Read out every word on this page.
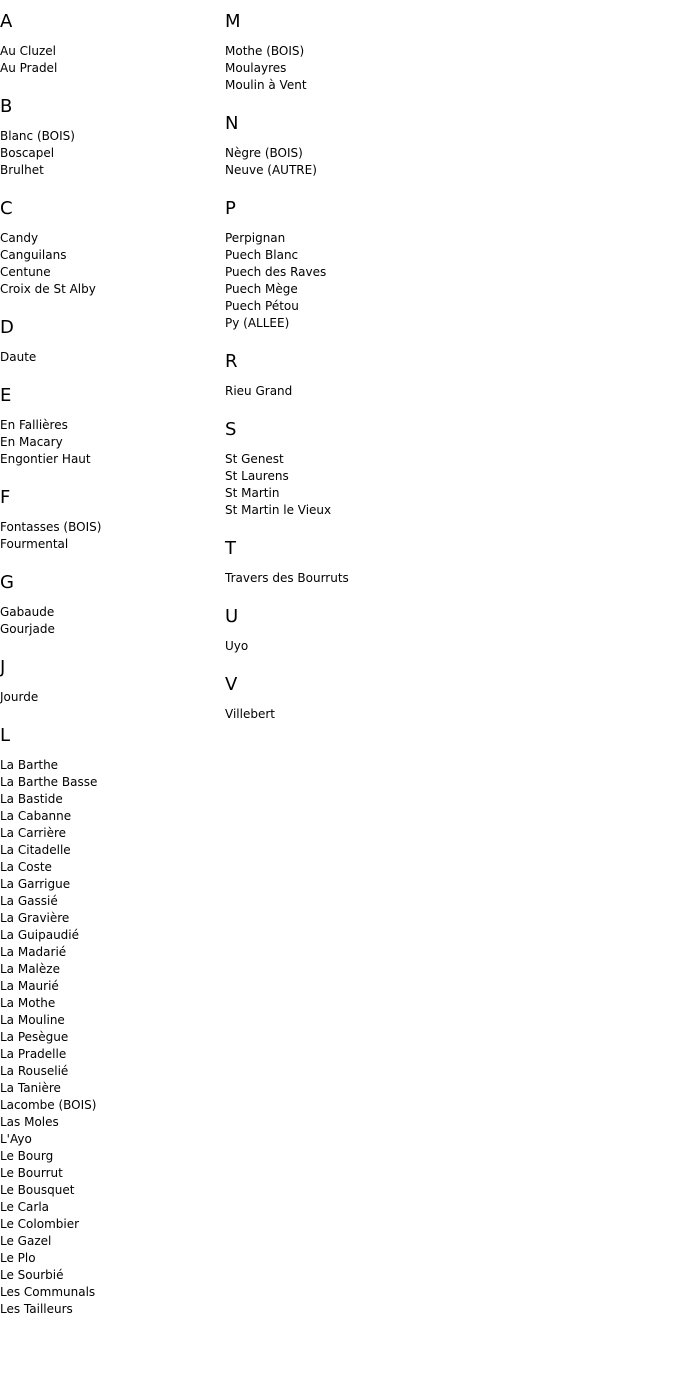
A
Au Cluzel
Au Pradel
B
Blanc (BOIS)
Boscapel
Brulhet
C
Candy
Canguilans
Centune
Croix de St Alby
D
Daute
E
En Fallières
En Macary
Engontier Haut
F
Fontasses (BOIS)
Fourmental
G
Gabaude
Gourjade
J
Jourde
L
La Barthe
La Barthe Basse
La Bastide
La Cabanne
La Carrière
La Citadelle
La Coste
La Garrigue
La Gassié
La Gravière
La Guipaudié
La Madarié
La Malèze
La Maurié
La Mothe
La Mouline
La Pesègue
La Pradelle
La Rouselié
La Tanière
Lacombe (BOIS)
Las Moles
L'Ayo
Le Bourg
Le Bourrut
Le Bousquet
Le Carla
Le Colombier
Le Gazel
Le Plo
Le Sourbié
Les Communals
Les Tailleurs
M
Mothe (BOIS)
Moulayres
Moulin à Vent
N
Nègre (BOIS)
Neuve (AUTRE)
P
Perpignan
Puech Blanc
Puech des Raves
Puech Mège
Puech Pétou
Py (ALLEE)
R
Rieu Grand
S
St Genest
St Laurens
St Martin
St Martin le Vieux
T
Travers des Bourruts
U
Uyo
V
Villebert
